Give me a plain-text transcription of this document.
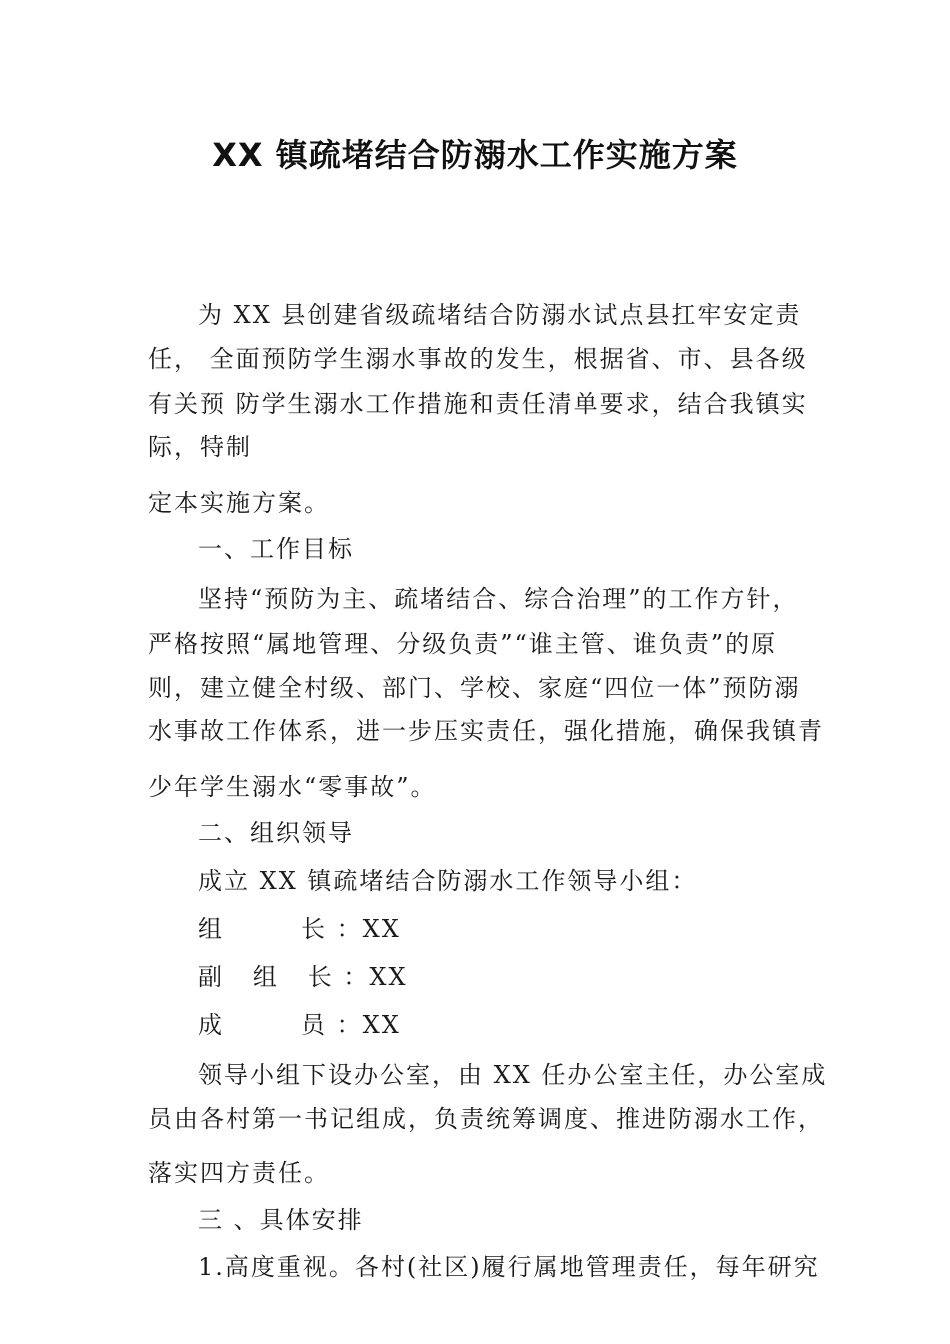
XX 镇疏堵结合防溺水工作实施方案
为 XX 县创建省级疏堵结合防溺水试点县扛牢安定责
任， 全面预防学生溺水事故的发生，根据省、市、县各级
有关预 防学生溺水工作措施和责任清单要求，结合我镇实
际，特制
定本实施方案。
一、工作目标
坚持“预防为主、疏堵结合、综合治理”的工作方针，
严格按照“属地管理、分级负责”“谁主管、谁负责”的原
则，建立健全村级、部门、学校、家庭“四位一体”预防溺
水事故工作体系，进一步压实责任，强化措施，确保我镇青
少年学生溺水“零事故”。
二、组织领导
成立 XX 镇疏堵结合防溺水工作领导小组：
组        长 ：XX
副   组   长 ：XX
成        员 ：XX
领导小组下设办公室，由 XX 任办公室主任，办公室成
员由各村第一书记组成，负责统筹调度、推进防溺水工作，
落实四方责任。
三 、具体安排
1.高度重视。各村(社区)履行属地管理责任，每年研究
